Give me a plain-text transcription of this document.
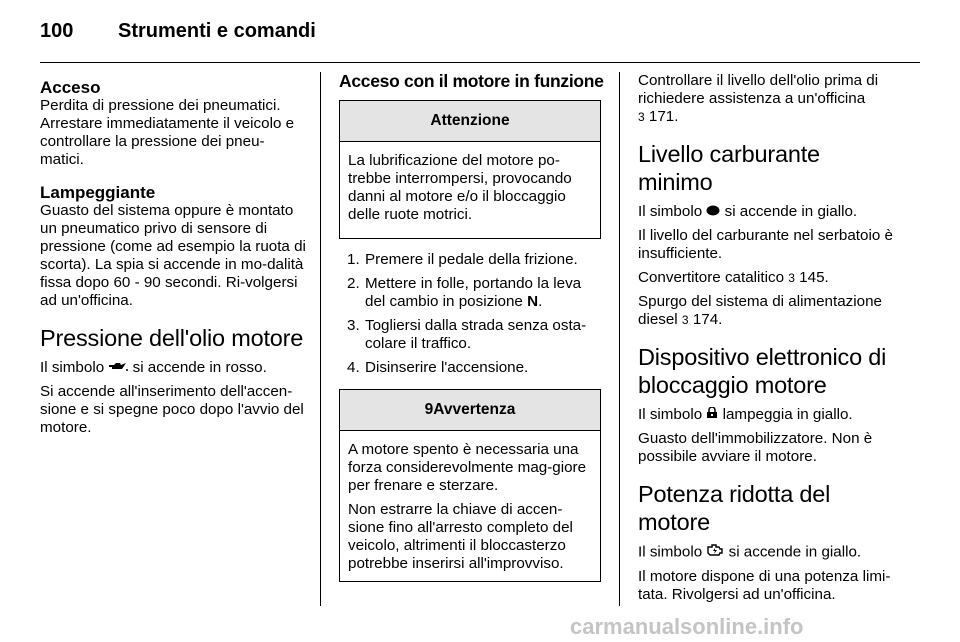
100 Strumenti e comandi

Acceso

Perdita di pressione dei pneumatici. Arrestare immediatamente il veicolo e controllare la pressione dei pneu-matici.

Lampeggiante

Guasto del sistema oppure è montato un pneumatico privo di sensore di pressione (come ad esempio la ruota di scorta). La spia si accende in mo-dalità fissa dopo 60 - 90 secondi. Ri-volgersi ad un'officina.

Pressione dell'olio motore

Il simbolo  si accende in rosso.

Si accende all'inserimento dell'accen-sione e si spegne poco dopo l'avvio del motore.

Acceso con il motore in funzione

Attenzione

La lubrificazione del motore po-trebbe interrompersi, provocando danni al motore e/o il bloccaggio delle ruote motrici.

1. Premere il pedale della frizione.
2. Mettere in folle, portando la leva del cambio in posizione N.
3. Togliersi dalla strada senza osta-colare il traffico.
4. Disinserire l'accensione.
9Avvertenza

A motore spento è necessaria una forza considerevolmente mag-giore per frenare e sterzare.

Non estrarre la chiave di accen-sione fino all'arresto completo del veicolo, altrimenti il bloccasterzo potrebbe inserirsi all'improvviso.

Controllare il livello dell'olio prima di richiedere assistenza a un'officina
3 171.

Livello carburante minimo

Il simbolo  si accende in giallo.

Il livello del carburante nel serbatoio è insufficiente.

Convertitore catalitico 3 145.

Spurgo del sistema di alimentazione diesel 3 174.

Dispositivo elettronico di bloccaggio motore

Il simbolo  lampeggia in giallo.

Guasto dell'immobilizzatore. Non è possibile avviare il motore.

Potenza ridotta del motore

Il simbolo  si accende in giallo.

Il motore dispone di una potenza limi-tata. Rivolgersi ad un'officina.

carmanualsonline.info
